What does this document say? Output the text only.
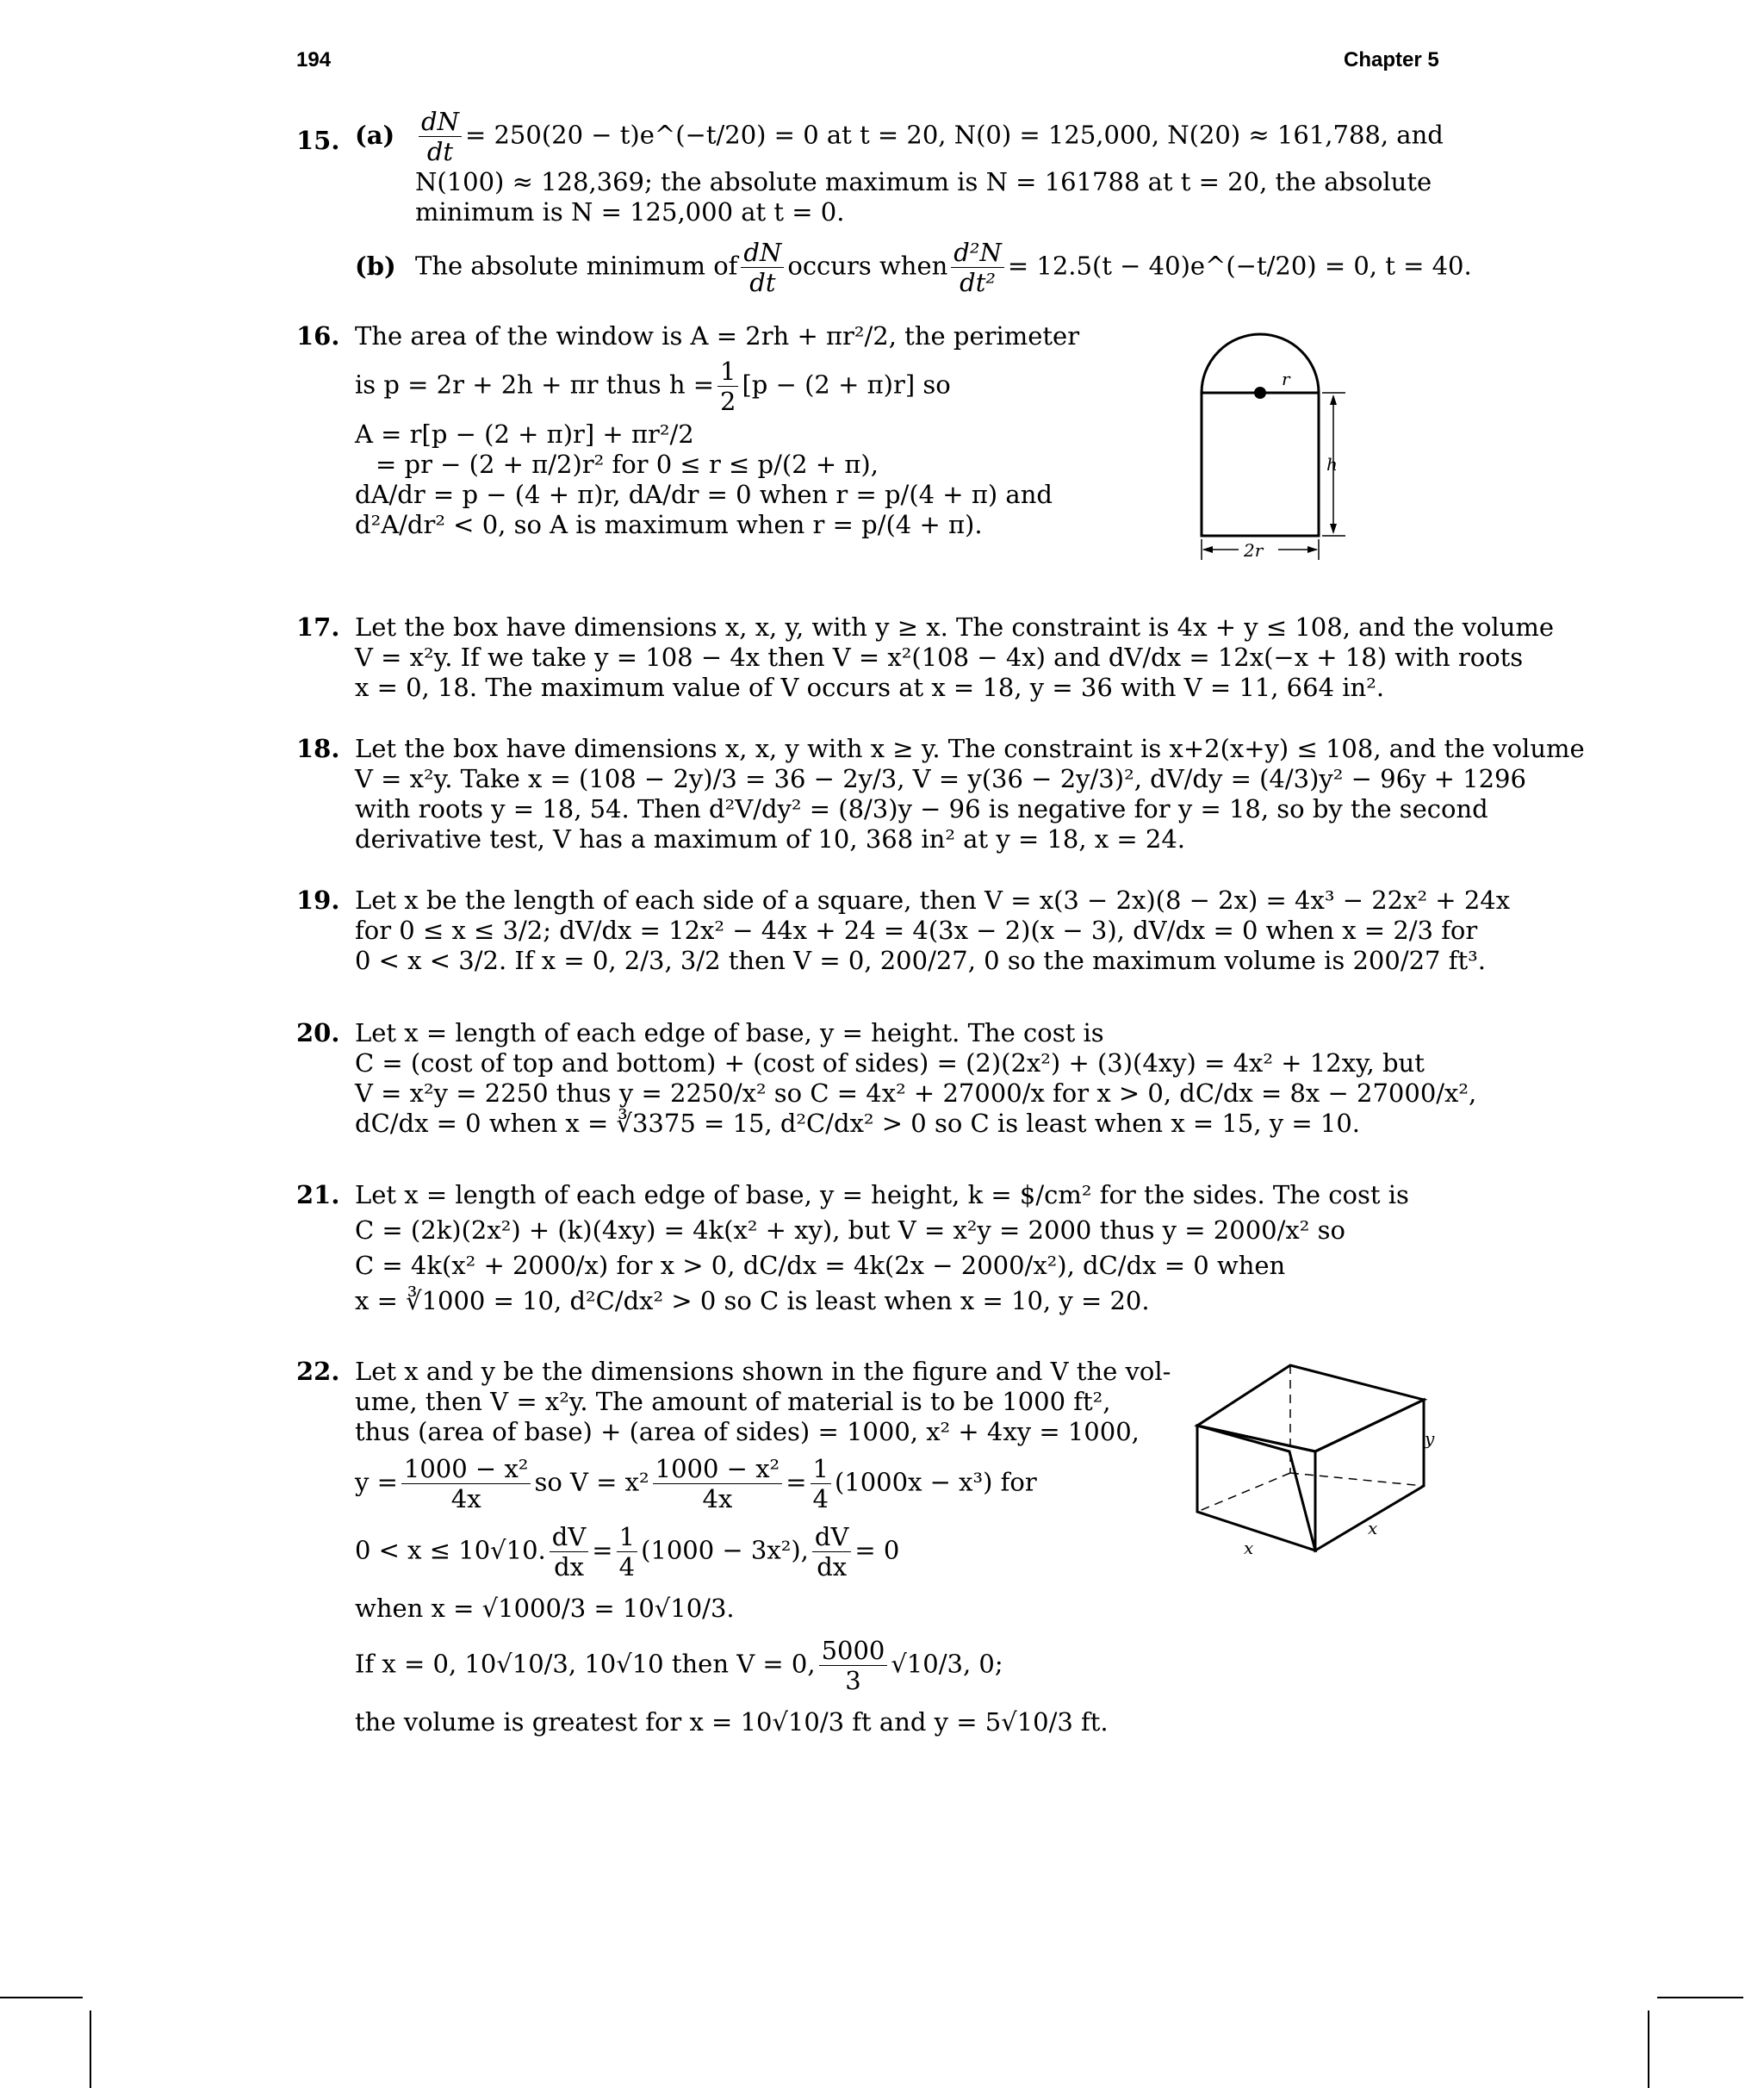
194	Chapter 5
15. $(a) \frac{dN}{dt} = 250(20$ − t)e^(−t/20) = 0 at t = 20, N(0) = 125,000, N(20) ≈ 161,788, and
N(100) ≈ 128,369; the absolute maximum is N = 161788 at t = 20, the absolute
minimum is N = 125,000 at t = 0.
(b) The absolute minimum of $\frac{dN}{dt}$ occurs when $\frac{\text{d²N}}{\text{dt²}} = 12.5(t$ − 40)e^(−t/20) = 0, t = 40.
16. The area of the window is A = 2rh + πr²/2, the perimeter
is p = 2r + 2h + πr thus $h = \frac{1}{2} [p - (2 + \pi)r]$ so
A = r[p − (2 + π)r] + πr²/2
= pr − (2 + π/2)r² for 0 ≤ r ≤ p/(2 + π),
dA/dr = p − (4 + π)r, dA/dr = 0 when r = p/(4 + π) and
d²A/dr² < 0, so A is maximum when r = p/(4 + π).
r
h
2r
17. Let the box have dimensions x, x, y, with y ≥ x. The constraint is 4x + y ≤ 108, and the volume
V = x²y. If we take y = 108 − 4x then V = x²(108 − 4x) and dV/dx = 12x(−x + 18) with roots
x = 0, 18. The maximum value of V occurs at x = 18, y = 36 with V = 11, 664 in².
18. Let the box have dimensions x, x, y with x ≥ y. The constraint is x+2(x+y) ≤ 108, and the volume
V = x²y. Take x = (108 − 2y)/3 = 36 − 2y/3, V = y(36 − 2y/3)², dV/dy = (4/3)y² − 96y + 1296
with roots y = 18, 54. Then d²V/dy² = (8/3)y − 96 is negative for y = 18, so by the second
derivative test, V has a maximum of 10, 368 in² at y = 18, x = 24.
19. Let x be the length of each side of a square, then V = x(3 − 2x)(8 − 2x) = 4x³ − 22x² + 24x
for 0 ≤ x ≤ 3/2; dV/dx = 12x² − 44x + 24 = 4(3x − 2)(x − 3), dV/dx = 0 when x = 2/3 for
0 < x < 3/2. If x = 0, 2/3, 3/2 then V = 0, 200/27, 0 so the maximum volume is 200/27 ft³.
20. Let x = length of each edge of base, y = height. The cost is
C = (cost of top and bottom) + (cost of sides) = (2)(2x²) + (3)(4xy) = 4x² + 12xy, but
V = x²y = 2250 thus y = 2250/x² so C = 4x² + 27000/x for x > 0, dC/dx = 8x − 27000/x²,
dC/dx = 0 when x = ∛3375 = 15, d²C/dx² > 0 so C is least when x = 15, y = 10.
21. Let x = length of each edge of base, y = height, k = $/cm² for the sides. The cost is
C = (2k)(2x²) + (k)(4xy) = 4k(x² + xy), but V = x²y = 2000 thus y = 2000/x² so
C = 4k(x² + 2000/x) for x > 0, dC/dx = 4k(2x − 2000/x²), dC/dx = 0 when
x = ∛1000 = 10, d²C/dx² > 0 so C is least when x = 10, y = 20.
22. Let x and y be the dimensions shown in the figure and V the vol-
ume, then V = x²y. The amount of material is to be 1000 ft²,
thus (area of base) + (area of sides) = 1000, x² + 4xy = 1000,
$y = \frac{\text{1000 − x²}}{4x}$ so $V = x^2 \frac{\text{1000 − x²}}{4x} = \frac{1}{4} (1000x - x^3)$ for
0 < x ≤ 10√10. $\frac{dV}{dx} = \frac{1}{4} (1000 - 3x^2)$, $\frac{dV}{dx} = 0$
when x = √1000/3 = 10√10/3.
If x = 0, 10√10/3, 10√10 then V = 0, $\frac{5000}{3} √10/3$, 0;
the volume is greatest for x = 10√10/3 ft and y = 5√10/3 ft.
x
x
y
